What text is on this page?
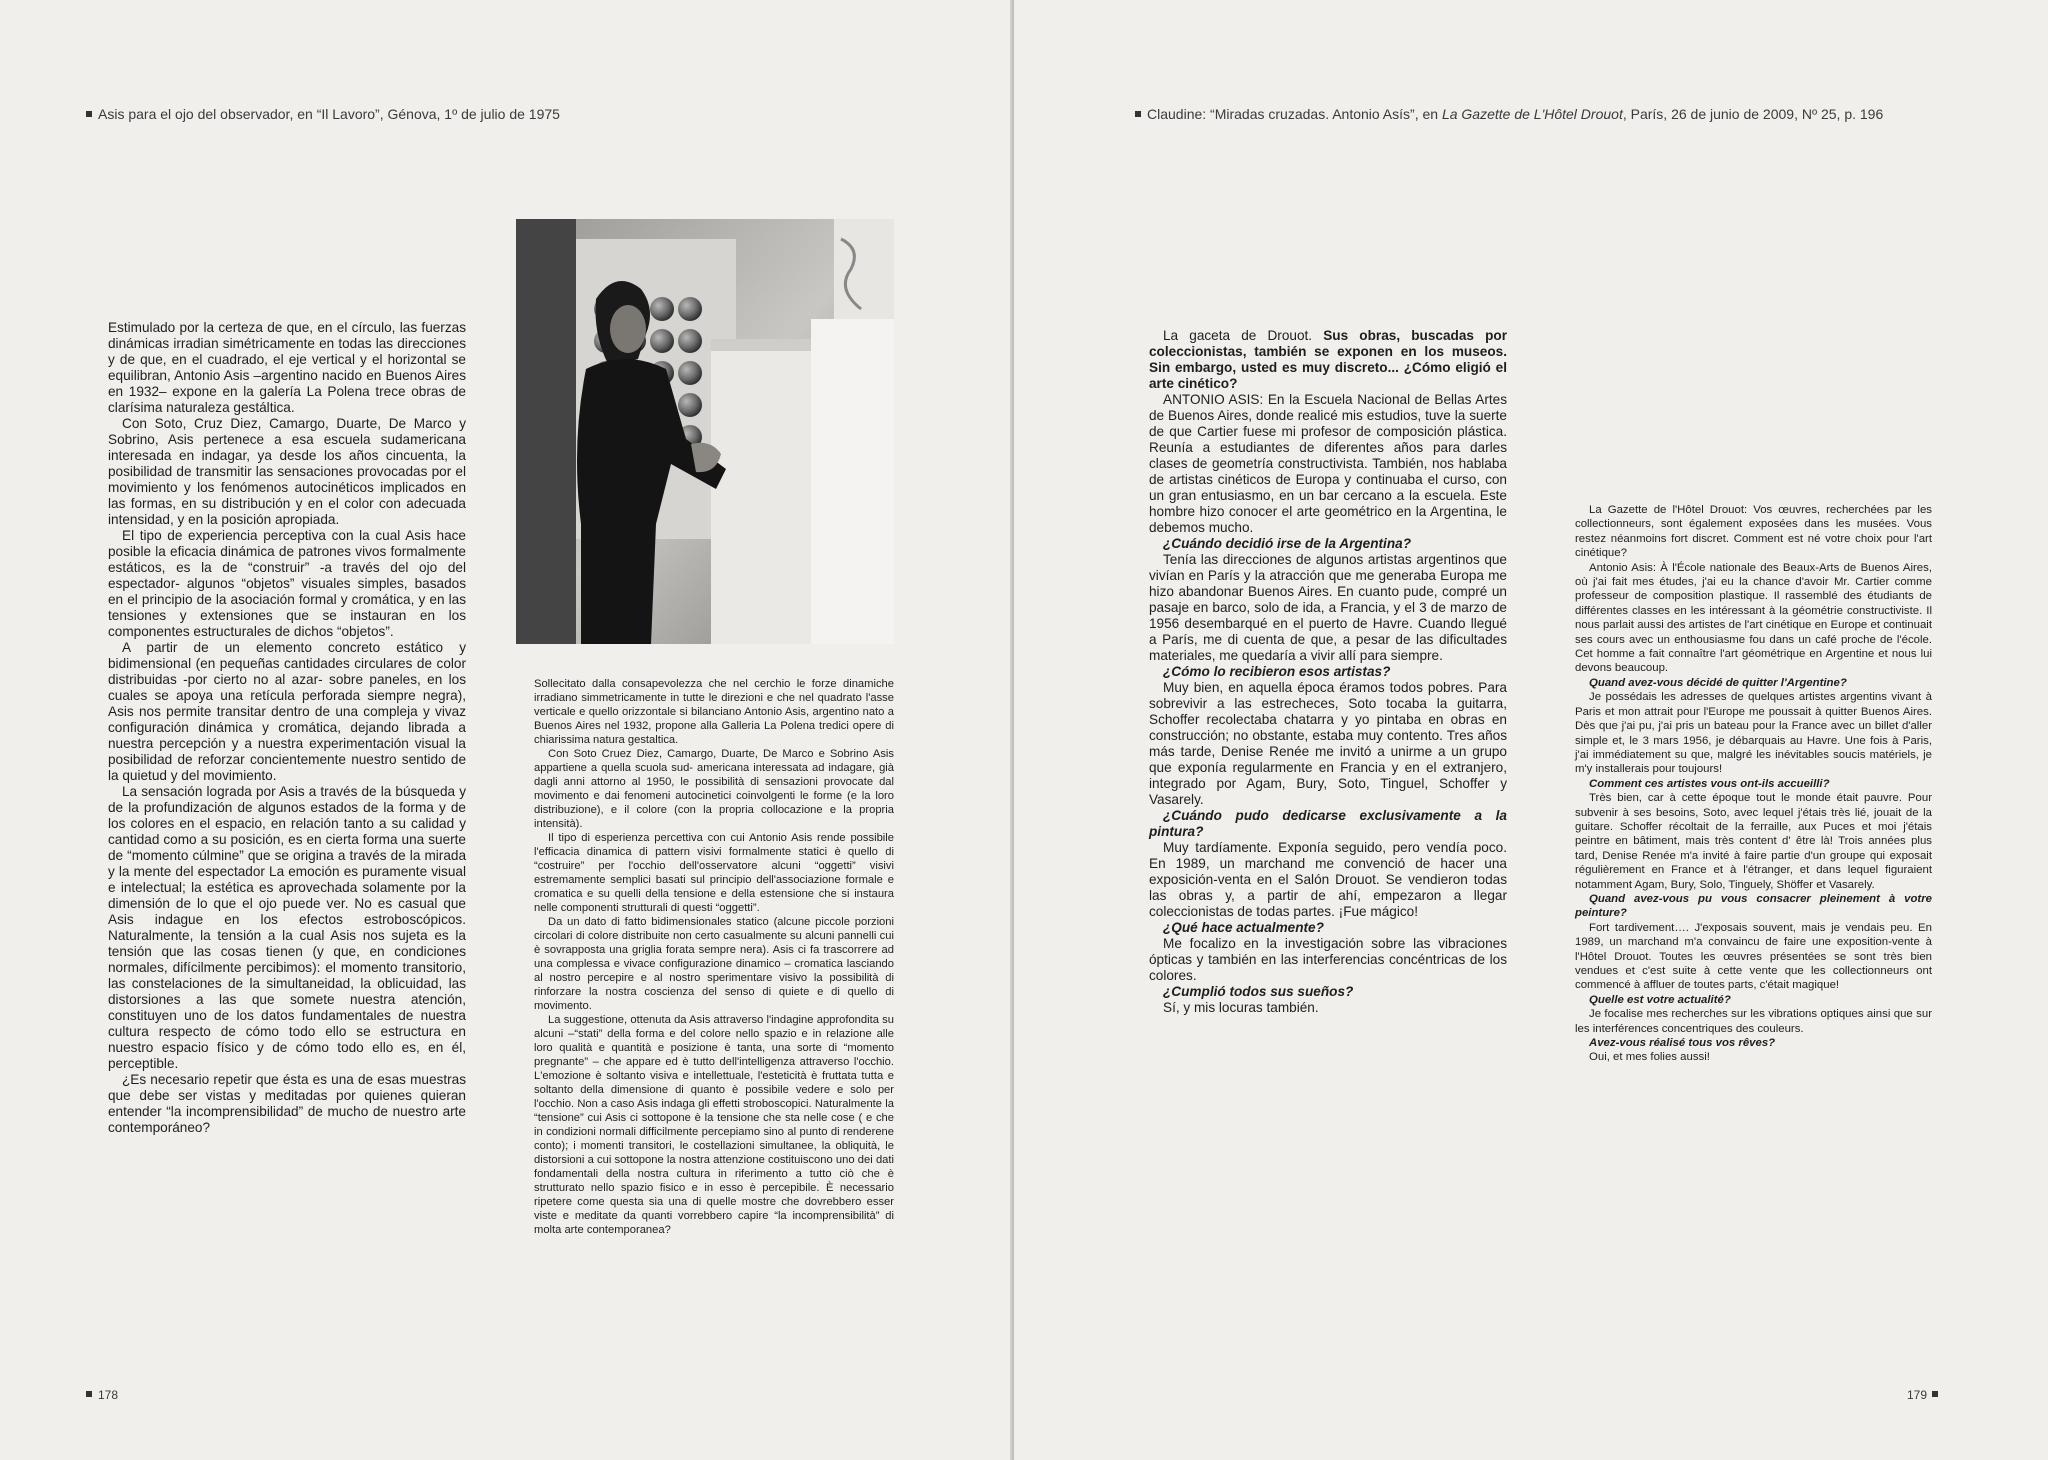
Asis para el ojo del observador, en “Il Lavoro”, Génova, 1º de julio de 1975

Estimulado por la certeza de que, en el círculo, las fuerzas dinámicas irradian simétricamente en todas las direcciones y de que, en el cuadrado, el eje vertical y el horizontal se equilibran, Antonio Asis –argentino nacido en Buenos Aires en 1932– expone en la galería La Polena trece obras de clarísima naturaleza gestáltica.

Con Soto, Cruz Diez, Camargo, Duarte, De Marco y Sobrino, Asis pertenece a esa escuela sudamericana interesada en indagar, ya desde los años cincuenta, la posibilidad de transmitir las sensaciones provocadas por el movimiento y los fenómenos autocinéticos implicados en las formas, en su distribución y en el color con adecuada intensidad, y en la posición apropiada.

El tipo de experiencia perceptiva con la cual Asis hace posible la eficacia dinámica de patrones vivos formalmente estáticos, es la de “construir” -a través del ojo del espectador- algunos “objetos” visuales simples, basados en el principio de la asociación formal y cromática, y en las tensiones y extensiones que se instauran en los componentes estructurales de dichos “objetos”.

A partir de un elemento concreto estático y bidimensional (en pequeñas cantidades circulares de color distribuidas -por cierto no al azar- sobre paneles, en los cuales se apoya una retícula perforada siempre negra), Asis nos permite transitar dentro de una compleja y vivaz configuración dinámica y cromática, dejando librada a nuestra percepción y a nuestra experimentación visual la posibilidad de reforzar concientemente nuestro sentido de la quietud y del movimiento.

La sensación lograda por Asis a través de la búsqueda y de la profundización de algunos estados de la forma y de los colores en el espacio, en relación tanto a su calidad y cantidad como a su posición, es en cierta forma una suerte de “momento cúlmine” que se origina a través de la mirada y la mente del espectador La emoción es puramente visual e intelectual; la estética es aprovechada solamente por la dimensión de lo que el ojo puede ver. No es casual que Asis indague en los efectos estroboscópicos. Naturalmente, la tensión a la cual Asis nos sujeta es la tensión que las cosas tienen (y que, en condiciones normales, difícilmente percibimos): el momento transitorio, las constelaciones de la simultaneidad, la oblicuidad, las distorsiones a las que somete nuestra atención, constituyen uno de los datos fundamentales de nuestra cultura respecto de cómo todo ello se estructura en nuestro espacio físico y de cómo todo ello es, en él, perceptible.

¿Es necesario repetir que ésta es una de esas muestras que debe ser vistas y meditadas por quienes quieran entender “la incomprensibilidad” de mucho de nuestro arte contemporáneo?

Sollecitato dalla consapevolezza che nel cerchio le forze dinamiche irradiano simmetricamente in tutte le direzioni e che nel quadrato l'asse verticale e quello orizzontale si bilanciano Antonio Asis, argentino nato a Buenos Aires nel 1932, propone alla Galleria La Polena tredici opere di chiarissima natura gestaltica.

Con Soto Cruez Diez, Camargo, Duarte, De Marco e Sobrino Asis appartiene a quella scuola sud- americana interessata ad indagare, già dagli anni attorno al 1950, le possibilità di sensazioni provocate dal movimento e dai fenomeni autocinetici coinvolgenti le forme (e la loro distribuzione), e il colore (con la propria collocazione e la propria intensità).

Il tipo di esperienza percettiva con cui Antonio Asis rende possibile l'efficacia dinamica di pattern visivi formalmente statici è quello di “costruire” per l'occhio dell'osservatore alcuni “oggetti” visivi estremamente semplici basati sul principio dell'associazione formale e cromatica e su quelli della tensione e della estensione che si instaura nelle componenti strutturali di questi “oggetti”.

Da un dato di fatto bidimensionales statico (alcune piccole porzioni circolari di colore distribuite non certo casualmente su alcuni pannelli cui è sovrapposta una griglia forata sempre nera). Asis ci fa trascorrere ad una complessa e vivace configurazione dinamico – cromatica lasciando al nostro percepire e al nostro sperimentare visivo la possibilità di rinforzare la nostra coscienza del senso di quiete e di quello di movimento.

La suggestione, ottenuta da Asis attraverso l'indagine approfondita su alcuni –“stati” della forma e del colore nello spazio e in relazione alle loro qualità e quantità e posizione è tanta, una sorte di “momento pregnante” – che appare ed è tutto dell'intelligenza attraverso l'occhio. L'emozione è soltanto visiva e intellettuale, l'esteticità è fruttata tutta e soltanto della dimensione di quanto è possibile vedere e solo per l'occhio. Non a caso Asis indaga gli effetti stroboscopici. Naturalmente la “tensione” cui Asis ci sottopone è la tensione che sta nelle cose ( e che in condizioni normali difficilmente percepiamo sino al punto di renderene conto); i momenti transitori, le costellazioni simultanee, la obliquità, le distorsioni a cui sottopone la nostra attenzione costituiscono uno dei dati fondamentali della nostra cultura in riferimento a tutto ciò che è strutturato nello spazio fisico e in esso è percepibile. È necessario ripetere come questa sia una di quelle mostre che dovrebbero esser viste e meditate da quanti vorrebbero capire “la incomprensibilità” di molta arte contemporanea?

178
Claudine: “Miradas cruzadas. Antonio Asís”, en La Gazette de L'Hôtel Drouot, París, 26 de junio de 2009, Nº 25, p. 196

La gaceta de Drouot. Sus obras, buscadas por coleccionistas, también se exponen en los museos. Sin embargo, usted es muy discreto... ¿Cómo eligió el arte cinético?

ANTONIO ASIS: En la Escuela Nacional de Bellas Artes de Buenos Aires, donde realicé mis estudios, tuve la suerte de que Cartier fuese mi profesor de composición plástica. Reunía a estudiantes de diferentes años para darles clases de geometría constructivista. También, nos hablaba de artistas cinéticos de Europa y continuaba el curso, con un gran entusiasmo, en un bar cercano a la escuela. Este hombre hizo conocer el arte geométrico en la Argentina, le debemos mucho.

¿Cuándo decidió irse de la Argentina?

Tenía las direcciones de algunos artistas argentinos que vivían en París y la atracción que me generaba Europa me hizo abandonar Buenos Aires. En cuanto pude, compré un pasaje en barco, solo de ida, a Francia, y el 3 de marzo de 1956 desembarqué en el puerto de Havre. Cuando llegué a París, me di cuenta de que, a pesar de las dificultades materiales, me quedaría a vivir allí para siempre.

¿Cómo lo recibieron esos artistas?

Muy bien, en aquella época éramos todos pobres. Para sobrevivir a las estrecheces, Soto tocaba la guitarra, Schoffer recolectaba chatarra y yo pintaba en obras en construcción; no obstante, estaba muy contento. Tres años más tarde, Denise Renée me invitó a unirme a un grupo que exponía regularmente en Francia y en el extranjero, integrado por Agam, Bury, Soto, Tinguel, Schoffer y Vasarely.

¿Cuándo pudo dedicarse exclusivamente a la pintura?

Muy tardíamente. Exponía seguido, pero vendía poco. En 1989, un marchand me convenció de hacer una exposición-venta en el Salón Drouot. Se vendieron todas las obras y, a partir de ahí, empezaron a llegar coleccionistas de todas partes. ¡Fue mágico!

¿Qué hace actualmente?

Me focalizo en la investigación sobre las vibraciones ópticas y también en las interferencias concéntricas de los colores.

¿Cumplió todos sus sueños?

Sí, y mis locuras también.

La Gazette de l'Hôtel Drouot: Vos œuvres, recherchées par les collectionneurs, sont également exposées dans les musées. Vous restez néanmoins fort discret. Comment est né votre choix pour l'art cinétique?

Antonio Asis: À l'École nationale des Beaux-Arts de Buenos Aires, où j'ai fait mes études, j'ai eu la chance d'avoir Mr. Cartier comme professeur de composition plastique. Il rassemblé des étudiants de différentes classes en les intéressant à la géométrie constructiviste. Il nous parlait aussi des artistes de l'art cinétique en Europe et continuait ses cours avec un enthousiasme fou dans un café proche de l'école. Cet homme a fait connaître l'art géométrique en Argentine et nous lui devons beaucoup.

Quand avez-vous décidé de quitter l'Argentine?

Je possédais les adresses de quelques artistes argentins vivant à Paris et mon attrait pour l'Europe me poussait à quitter Buenos Aires. Dès que j'ai pu, j'ai pris un bateau pour la France avec un billet d'aller simple et, le 3 mars 1956, je débarquais au Havre. Une fois à Paris, j'ai immédiatement su que, malgré les inévitables soucis matériels, je m'y installerais pour toujours!

Comment ces artistes vous ont-ils accueilli?

Très bien, car à cette époque tout le monde était pauvre. Pour subvenir à ses besoins, Soto, avec lequel j'étais très lié, jouait de la guitare. Schoffer récoltait de la ferraille, aux Puces et moi j'étais peintre en bâtiment, mais très content d' être là! Trois années plus tard, Denise Renée m'a invité à faire partie d'un groupe qui exposait régulièrement en France et à l'étranger, et dans lequel figuraient notamment Agam, Bury, Solo, Tinguely, Shöffer et Vasarely.

Quand avez-vous pu vous consacrer pleinement à votre peinture?

Fort tardivement…. J'exposais souvent, mais je vendais peu. En 1989, un marchand m'a convaincu de faire une exposition-vente à l'Hôtel Drouot. Toutes les œuvres présentées se sont très bien vendues et c'est suite à cette vente que les collectionneurs ont commencé à affluer de toutes parts, c'était magique!

Quelle est votre actualité?

Je focalise mes recherches sur les vibrations optiques ainsi que sur les interférences concentriques des couleurs.

Avez-vous réalisé tous vos rêves?

Oui, et mes folies aussi!

179
